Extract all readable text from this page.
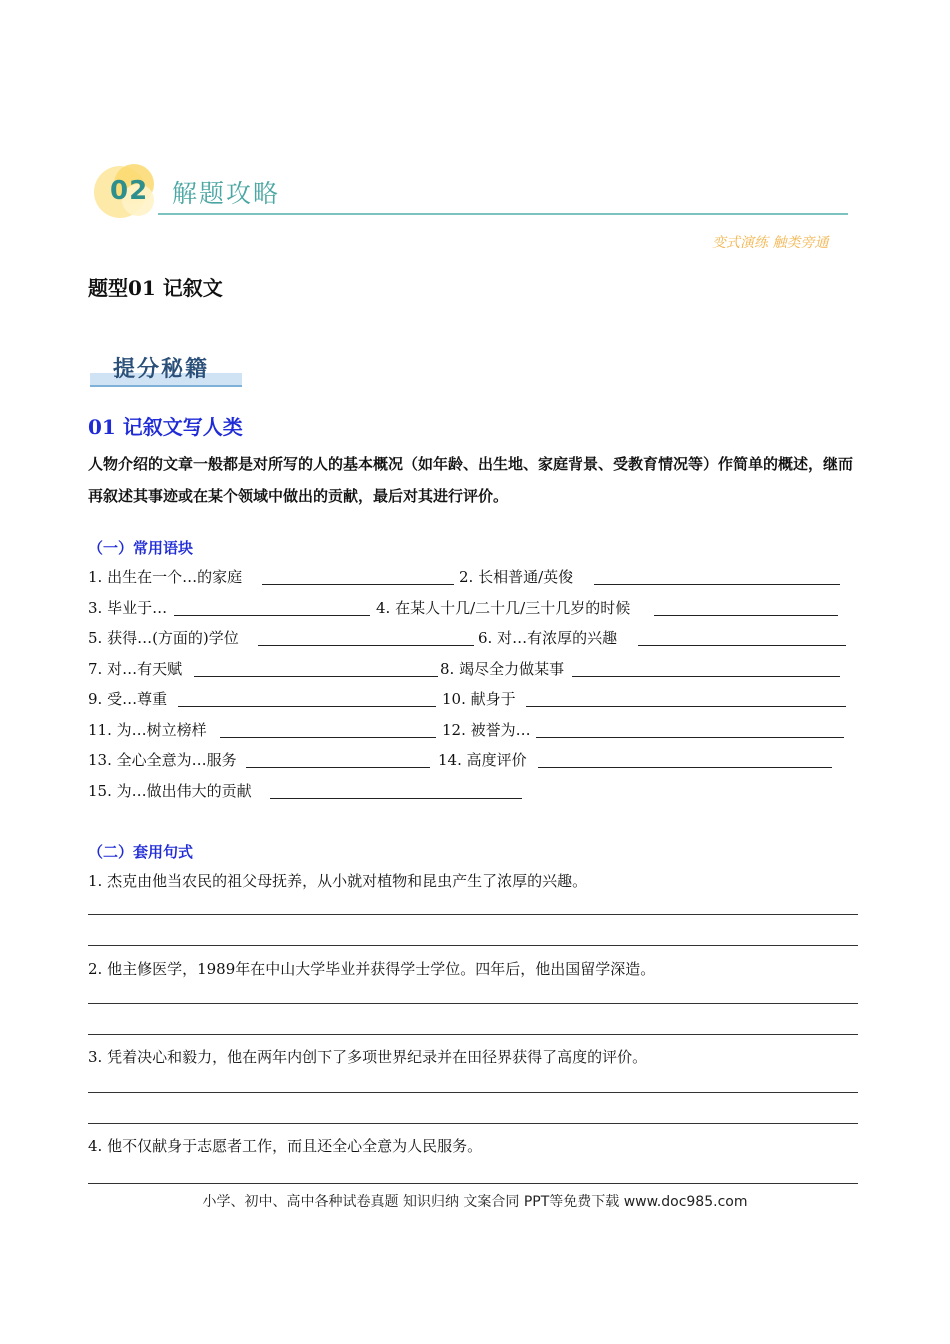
02 解题攻略
变式演练 触类旁通
题型01 记叙文
提分秘籍
01 记叙文写人类
人物介绍的文章一般都是对所写的人的基本概况（如年龄、出生地、家庭背景、受教育情况等）作简单的概述，继而再叙述其事迹或在某个领域中做出的贡献，最后对其进行评价。
（一）常用语块
1. 出生在一个…的家庭	2. 长相普通/英俊
3. 毕业于…	4. 在某人十几/二十几/三十几岁的时候
5. 获得…(方面的)学位	6. 对…有浓厚的兴趣
7. 对…有天赋	8. 竭尽全力做某事
9. 受…尊重	10. 献身于
11. 为…树立榜样	12. 被誉为…
13. 全心全意为…服务	14. 高度评价
15. 为…做出伟大的贡献
（二）套用句式
1. 杰克由他当农民的祖父母抚养，从小就对植物和昆虫产生了浓厚的兴趣。
2. 他主修医学，1989年在中山大学毕业并获得学士学位。四年后，他出国留学深造。
3. 凭着决心和毅力，他在两年内创下了多项世界纪录并在田径界获得了高度的评价。
4. 他不仅献身于志愿者工作，而且还全心全意为人民服务。
小学、初中、高中各种试卷真题 知识归纳 文案合同 PPT等免费下载 www.doc985.com
